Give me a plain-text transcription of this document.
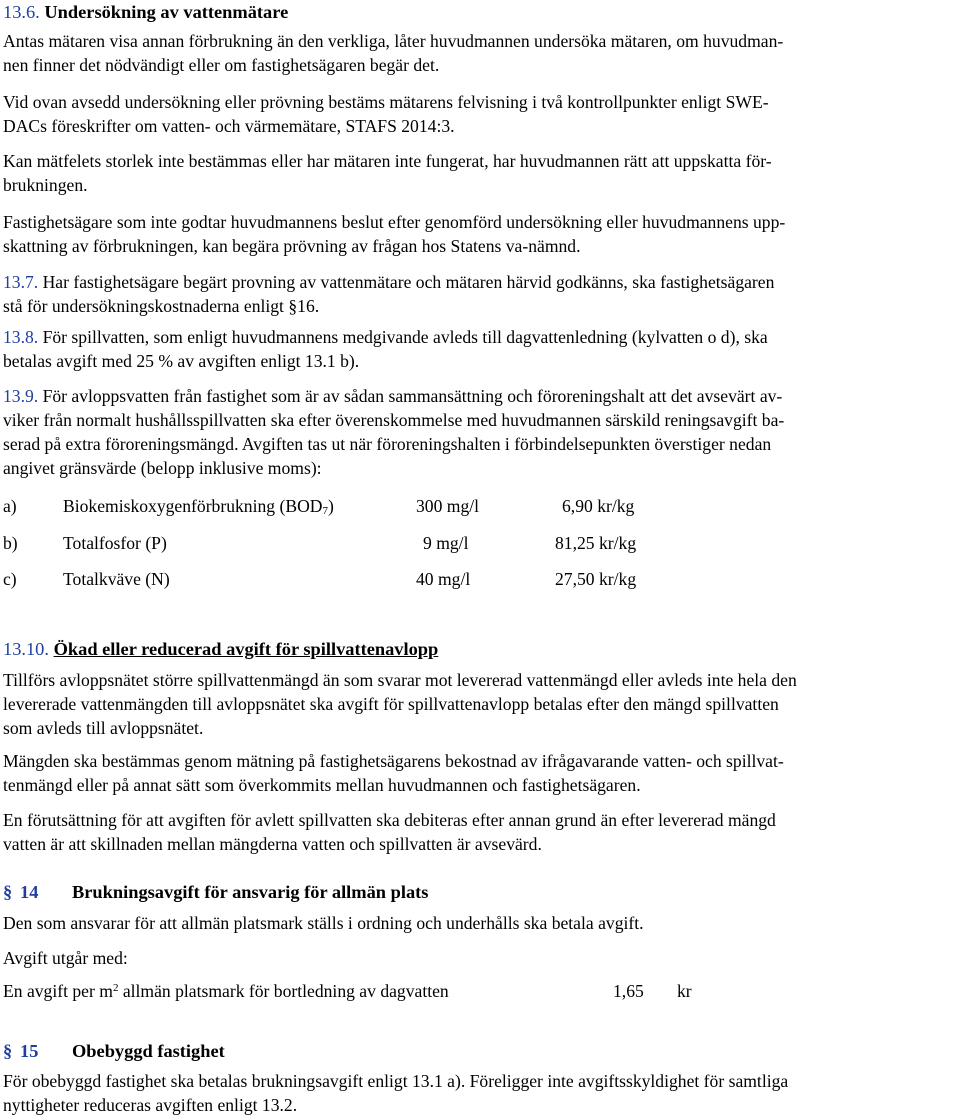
13.6. Undersökning av vattenmätare
Antas mätaren visa annan förbrukning än den verkliga, låter huvudmannen undersöka mätaren, om huvudman-
nen finner det nödvändigt eller om fastighetsägaren begär det.
Vid ovan avsedd undersökning eller prövning bestäms mätarens felvisning i två kontrollpunkter enligt SWE-
DACs föreskrifter om vatten- och värmemätare, STAFS 2014:3.
Kan mätfelets storlek inte bestämmas eller har mätaren inte fungerat, har huvudmannen rätt att uppskatta för-
brukningen.
Fastighetsägare som inte godtar huvudmannens beslut efter genomförd undersökning eller huvudmannens upp-
skattning av förbrukningen, kan begära prövning av frågan hos Statens va-nämnd.
13.7. Har fastighetsägare begärt provning av vattenmätare och mätaren härvid godkänns, ska fastighetsägaren
stå för undersökningskostnaderna enligt §16.
13.8. För spillvatten, som enligt huvudmannens medgivande avleds till dagvattenledning (kylvatten o d), ska
betalas avgift med 25 % av avgiften enligt 13.1 b).
13.9. För avloppsvatten från fastighet som är av sådan sammansättning och föroreningshalt att det avsevärt av-
viker från normalt hushållsspillvatten ska efter överenskommelse med huvudmannen särskild reningsavgift ba-
serad på extra föroreningsmängd. Avgiften tas ut när föroreningshalten i förbindelsepunkten överstiger nedan
angivet gränsvärde (belopp inklusive moms):
a)	Biokemiskoxygenförbrukning $(BOD_7)$	300 mg/l	6,90 kr/kg
b)	Totalfosfor (P)	9 mg/l	81,25 kr/kg
c)	Totalkväve (N)	40 mg/l	27,50 kr/kg
13.10. Ökad eller reducerad avgift för spillvattenavlopp
Tillförs avloppsnätet större spillvattenmängd än som svarar mot levererad vattenmängd eller avleds inte hela den
levererade vattenmängden till avloppsnätet ska avgift för spillvattenavlopp betalas efter den mängd spillvatten
som avleds till avloppsnätet.
Mängden ska bestämmas genom mätning på fastighetsägarens bekostnad av ifrågavarande vatten- och spillvat-
tenmängd eller på annat sätt som överkommits mellan huvudmannen och fastighetsägaren.
En förutsättning för att avgiften för avlett spillvatten ska debiteras efter annan grund än efter levererad mängd
vatten är att skillnaden mellan mängderna vatten och spillvatten är avsevärd.
§ 14 Brukningsavgift för ansvarig för allmän plats
Den som ansvarar för att allmän platsmark ställs i ordning och underhålls ska betala avgift.
Avgift utgår med:
En avgift per $m^2$ allmän platsmark för bortledning av dagvatten	1,65 kr
§ 15 Obebyggd fastighet
För obebyggd fastighet ska betalas brukningsavgift enligt 13.1 a). Föreligger inte avgiftsskyldighet för samtliga
nyttigheter reduceras avgiften enligt 13.2.
